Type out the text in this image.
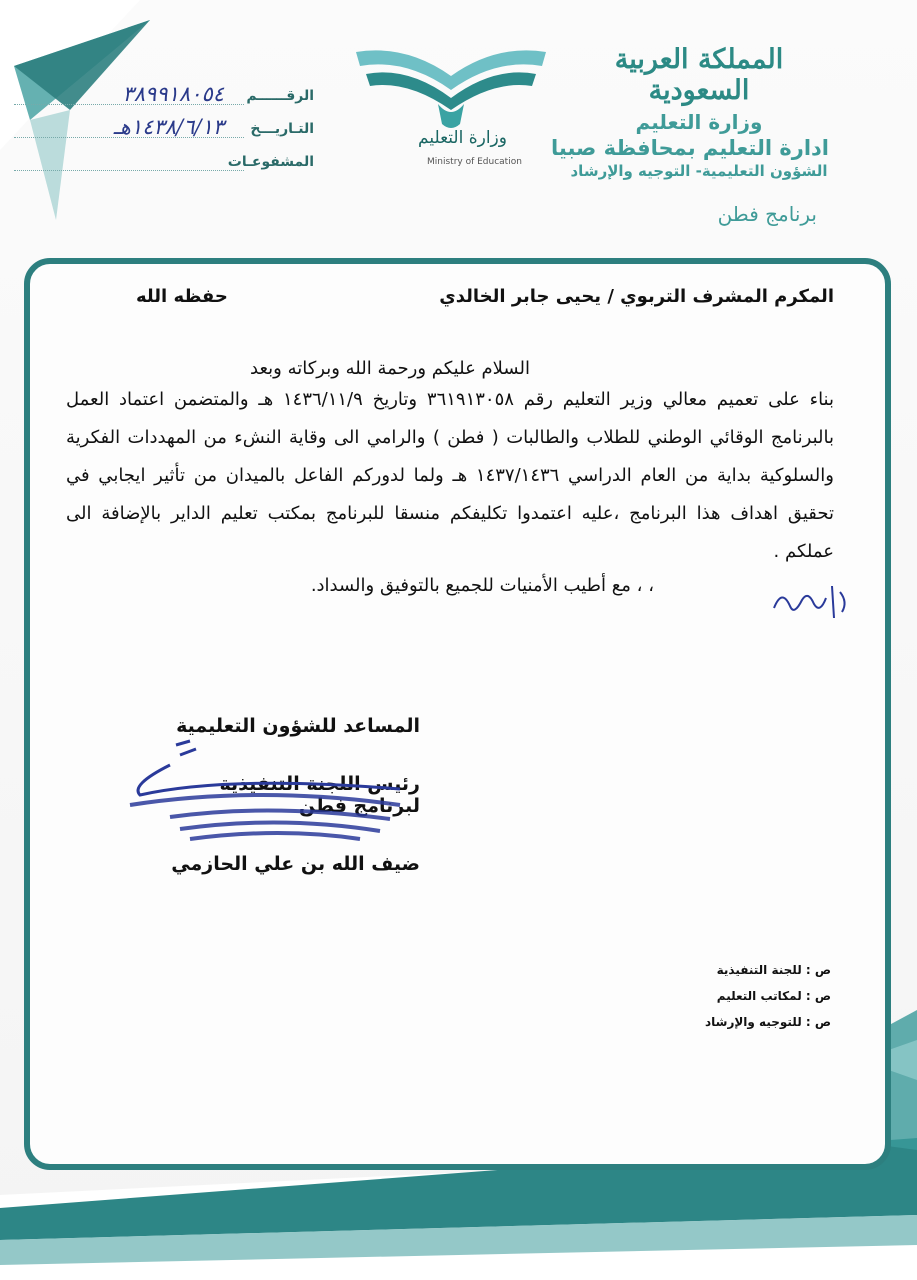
المملكة العربية السعودية
وزارة التعليم
ادارة التعليم بمحافظة صبيا
الشؤون التعليمية- التوجيه والإرشاد
برنامج فطن
وزارة التعليم
Ministry of Education
الرقــــــم
٣٨٩٩١٨٠٥٤
التـاريـــخ
١٤٣٨/٦/١٣هـ
المشفوعـات
المكرم المشرف التربوي / يحيى جابر الخالدي
حفظه الله
السلام عليكم ورحمة الله وبركاته وبعد
بناء على تعميم معالي وزير التعليم رقم ٣٦١٩١٣٠٥٨ وتاريخ ١٤٣٦/١١/٩ هـ والمتضمن اعتماد العمل بالبرنامج الوقائي الوطني للطلاب والطالبات ( فطن ) والرامي الى وقاية النشء من المهددات الفكرية والسلوكية بداية من العام الدراسي ١٤٣٧/١٤٣٦ هـ ولما لدوركم الفاعل بالميدان من تأثير ايجابي في تحقيق اهداف هذا البرنامج ،عليه اعتمدوا تكليفكم منسقا للبرنامج بمكتب تعليم الداير بالإضافة الى عملكم .
، ، مع أطيب الأمنيات للجميع بالتوفيق والسداد.
المساعد للشؤون التعليمية
رئيس اللجنة التنفيذية لبرنامج فطن
ضيف الله بن علي الحازمي
ص : للجنة التنفيذية
ص : لمكاتب التعليم
ص : للتوجيه والإرشاد
